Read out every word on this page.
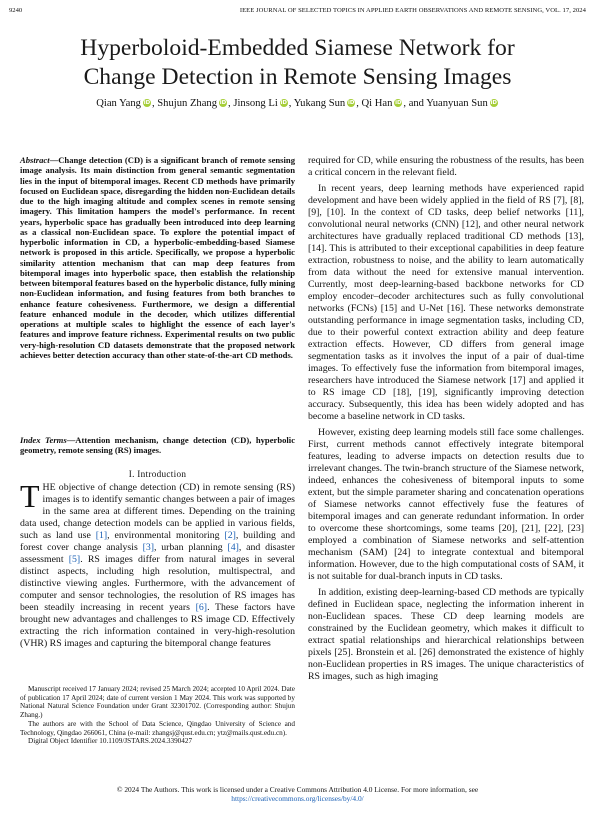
9240	IEEE JOURNAL OF SELECTED TOPICS IN APPLIED EARTH OBSERVATIONS AND REMOTE SENSING, VOL. 17, 2024
Hyperboloid-Embedded Siamese Network for
Change Detection in Remote Sensing Images
Qian Yang iD , Shujun Zhang iD , Jinsong Li iD , Yukang Sun iD , Qi Han iD , and Yuanyuan Sun iD
Abstract—Change detection (CD) is a significant branch of remote sensing image analysis. Its main distinction from general semantic segmentation lies in the input of bitemporal images. Recent CD methods have primarily focused on Euclidean space, disregarding the hidden non-Euclidean details due to the high imaging altitude and complex scenes in remote sensing imagery. This limitation hampers the model's performance. In recent years, hyperbolic space has gradually been introduced into deep learning as a classical non-Euclidean space. To explore the potential impact of hyperbolic information in CD, a hyperbolic-embedding-based Siamese network is proposed in this article. Specifically, we propose a hyperbolic similarity attention mechanism that can map deep features from bitemporal images into hyperbolic space, then establish the relationship between bitemporal features based on the hyperbolic distance, fully mining non-Euclidean information, and fusing features from both branches to enhance feature cohesiveness. Furthermore, we design a differential feature enhanced module in the decoder, which utilizes differential operations at multiple scales to highlight the essence of each layer's features and improve feature richness. Experimental results on two public very-high-resolution CD datasets demonstrate that the proposed network achieves better detection accuracy than other state-of-the-art CD methods.
Index Terms—Attention mechanism, change detection (CD), hyperbolic geometry, remote sensing (RS) images.
I. Introduction

THE objective of change detection (CD) in remote sensing (RS) images is to identify semantic changes between a pair of images in the same area at different times. Depending on the training data used, change detection models can be applied in various fields, such as land use [1], environmental monitoring [2], building and forest cover change analysis [3], urban planning [4], and disaster assessment [5]. RS images differ from natural images in several distinct aspects, including high resolution, multispectral, and distinctive viewing angles. Furthermore, with the advancement of computer and sensor technologies, the resolution of RS images has been steadily increasing in recent years [6]. These factors have brought new advantages and challenges to RS image CD. Effectively extracting the rich information contained in very-high-resolution (VHR) RS images and capturing the bitemporal change features

Manuscript received 17 January 2024; revised 25 March 2024; accepted 10 April 2024. Date of publication 17 April 2024; date of current version 1 May 2024. This work was supported by National Natural Science Foundation under Grant 32301702. (Corresponding author: Shujun Zhang.)

The authors are with the School of Data Science, Qingdao University of Science and Technology, Qingdao 266061, China (e-mail: zhangsj@qust.edu.cn; ytz@mails.qust.edu.cn).

Digital Object Identifier 10.1109/JSTARS.2024.3390427

required for CD, while ensuring the robustness of the results, has been a critical concern in the relevant field.

In recent years, deep learning methods have experienced rapid development and have been widely applied in the field of RS [7], [8], [9], [10]. In the context of CD tasks, deep belief networks [11], convolutional neural networks (CNN) [12], and other neural network architectures have gradually replaced traditional CD methods [13], [14]. This is attributed to their exceptional capabilities in deep feature extraction, robustness to noise, and the ability to learn automatically from data without the need for extensive manual intervention. Currently, most deep-learning-based backbone networks for CD employ encoder–decoder architectures such as fully convolutional networks (FCNs) [15] and U-Net [16]. These networks demonstrate outstanding performance in image segmentation tasks, including CD, due to their powerful context extraction ability and deep feature extraction effects. However, CD differs from general image segmentation tasks as it involves the input of a pair of dual-time images. To effectively fuse the information from bitemporal images, researchers have introduced the Siamese network [17] and applied it to RS image CD [18], [19], significantly improving detection accuracy. Subsequently, this idea has been widely adopted and has become a baseline network in CD tasks.

However, existing deep learning models still face some challenges. First, current methods cannot effectively integrate bitemporal features, leading to adverse impacts on detection results due to irrelevant changes. The twin-branch structure of the Siamese network, indeed, enhances the cohesiveness of bitemporal inputs to some extent, but the simple parameter sharing and concatenation operations of Siamese networks cannot effectively fuse the features of bitemporal images and can generate redundant information. In order to overcome these shortcomings, some teams [20], [21], [22], [23] employed a combination of Siamese networks and self-attention mechanism (SAM) [24] to integrate contextual and bitemporal information. However, due to the high computational costs of SAM, it is not suitable for dual-branch inputs in CD tasks.

In addition, existing deep-learning-based CD methods are typically defined in Euclidean space, neglecting the information inherent in non-Euclidean spaces. These CD deep learning models are constrained by the Euclidean geometry, which makes it difficult to extract spatial relationships and hierarchical relationships between pixels [25]. Bronstein et al. [26] demonstrated the existence of highly non-Euclidean properties in RS images. The unique characteristics of RS images, such as high imaging

© 2024 The Authors. This work is licensed under a Creative Commons Attribution 4.0 License. For more information, see
https://creativecommons.org/licenses/by/4.0/
